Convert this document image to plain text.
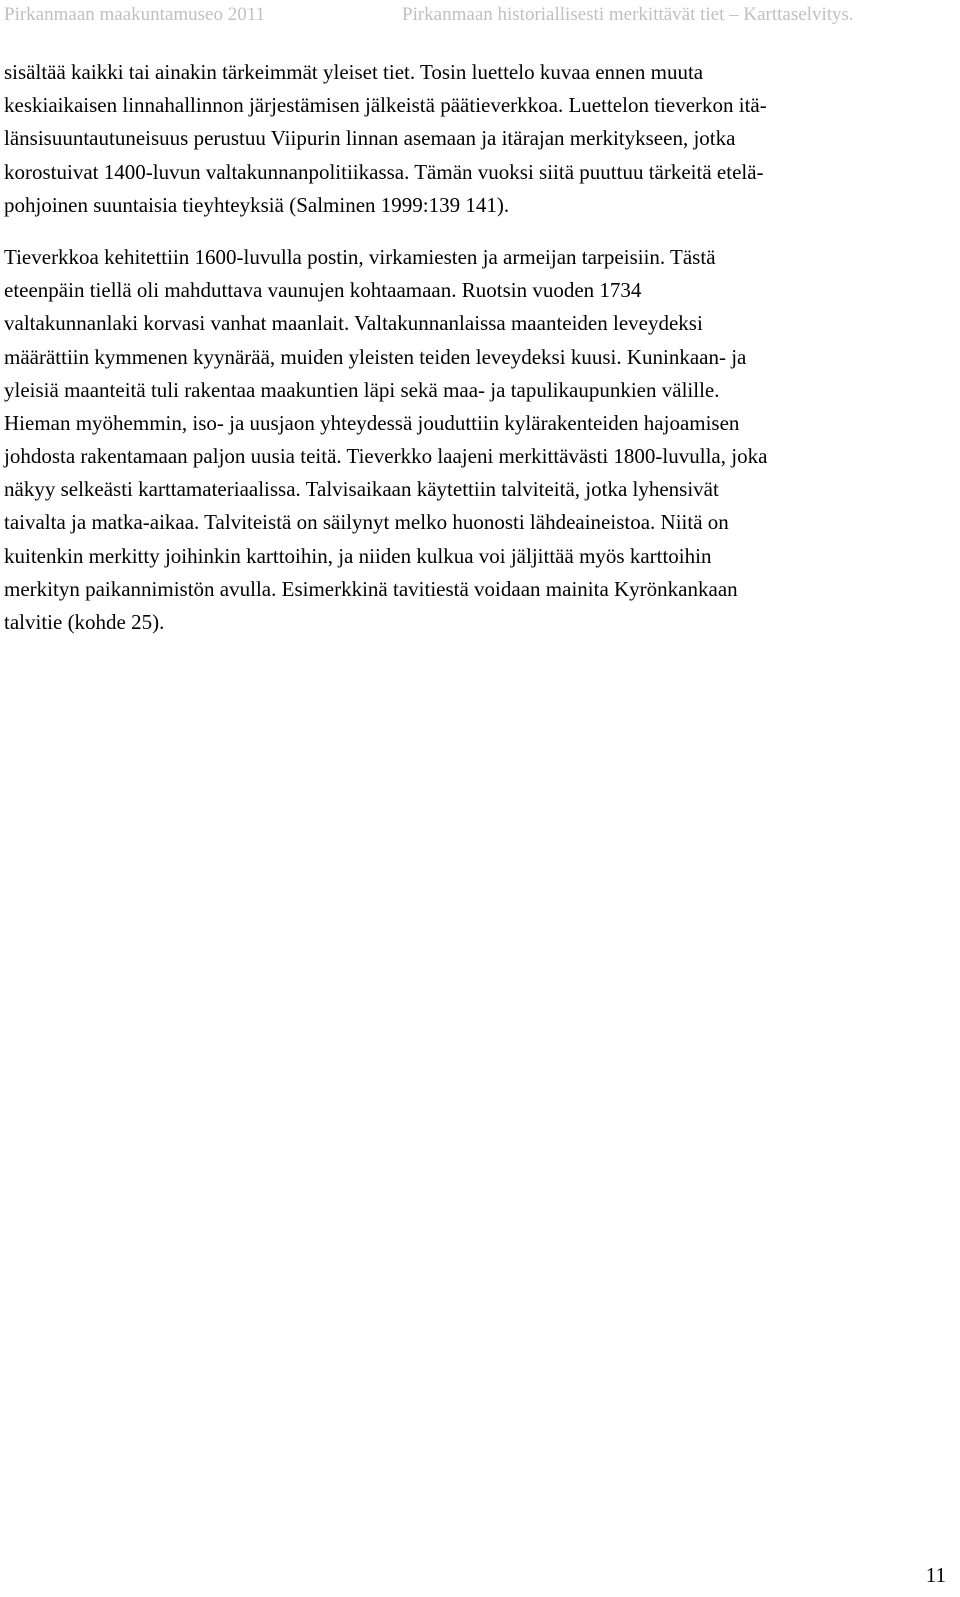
Pirkanmaan maakuntamuseo 2011	Pirkanmaan historiallisesti merkittävät tiet – Karttaselvitys.
sisältää kaikki tai ainakin tärkeimmät yleiset tiet. Tosin luettelo kuvaa ennen muuta
keskiaikaisen linnahallinnon järjestämisen jälkeistä päätieverkkoa. Luettelon tieverkon itä-
länsisuuntautuneisuus perustuu Viipurin linnan asemaan ja itärajan merkitykseen, jotka
korostuivat 1400-luvun valtakunnanpolitiikassa. Tämän vuoksi siitä puuttuu tärkeitä etelä-
pohjoinen suuntaisia tieyhteyksiä (Salminen 1999:139 141).
Tieverkkoa kehitettiin 1600-luvulla postin, virkamiesten ja armeijan tarpeisiin. Tästä
eteenpäin tiellä oli mahduttava vaunujen kohtaamaan. Ruotsin vuoden 1734
valtakunnanlaki korvasi vanhat maanlait. Valtakunnanlaissa maanteiden leveydeksi
määrättiin kymmenen kyynärää, muiden yleisten teiden leveydeksi kuusi. Kuninkaan- ja
yleisiä maanteitä tuli rakentaa maakuntien läpi sekä maa- ja tapulikaupunkien välille.
Hieman myöhemmin, iso- ja uusjaon yhteydessä jouduttiin kylärakenteiden hajoamisen
johdosta rakentamaan paljon uusia teitä. Tieverkko laajeni merkittävästi 1800-luvulla, joka
näkyy selkeästi karttamateriaalissa. Talvisaikaan käytettiin talviteitä, jotka lyhensivät
taivalta ja matka-aikaa. Talviteistä on säilynyt melko huonosti lähdeaineistoa. Niitä on
kuitenkin merkitty joihinkin karttoihin, ja niiden kulkua voi jäljittää myös karttoihin
merkityn paikannimistön avulla. Esimerkkinä tavitiestä voidaan mainita Kyrönkankaan
talvitie (kohde 25).
11
